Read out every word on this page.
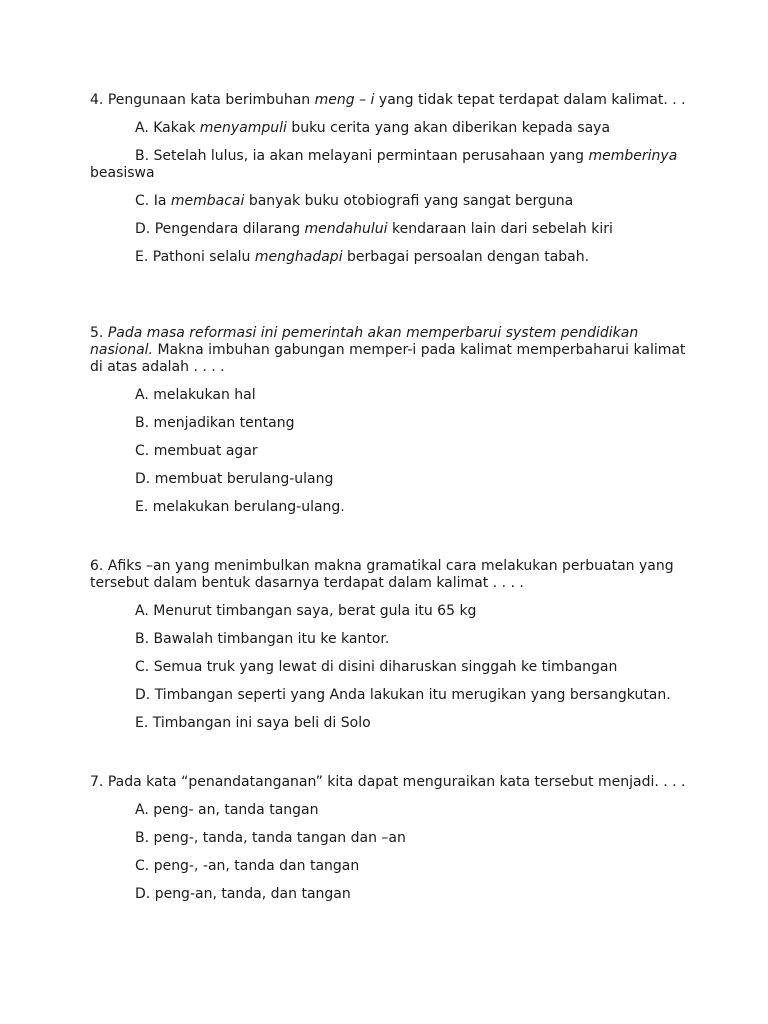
4. Pengunaan kata berimbuhan meng – i yang tidak tepat terdapat dalam kalimat. . .

A. Kakak menyampuli buku cerita yang akan diberikan kepada saya

B. Setelah lulus, ia akan melayani permintaan perusahaan yang memberinya beasiswa

C. Ia membacai banyak buku otobiografi yang sangat berguna

D. Pengendara dilarang mendahului kendaraan lain dari sebelah kiri

E. Pathoni selalu menghadapi berbagai persoalan dengan tabah.

5. Pada masa reformasi ini pemerintah akan memperbarui system pendidikan nasional. Makna imbuhan gabungan memper-i pada kalimat memperbaharui kalimat di atas adalah . . . .

A. melakukan hal

B. menjadikan tentang

C. membuat agar

D. membuat berulang-ulang

E. melakukan berulang-ulang.

6. Afiks –an yang menimbulkan makna gramatikal cara melakukan perbuatan yang tersebut dalam bentuk dasarnya terdapat dalam kalimat . . . .

A. Menurut timbangan saya, berat gula itu 65 kg

B. Bawalah timbangan itu ke kantor.

C. Semua truk yang lewat di disini diharuskan singgah ke timbangan

D. Timbangan seperti yang Anda lakukan itu merugikan yang bersangkutan.

E. Timbangan ini saya beli di Solo

7. Pada kata “penandatanganan” kita dapat menguraikan kata tersebut menjadi. . . .

A. peng- an, tanda tangan

B. peng-, tanda, tanda tangan dan –an

C. peng-, -an, tanda dan tangan

D. peng-an, tanda, dan tangan
